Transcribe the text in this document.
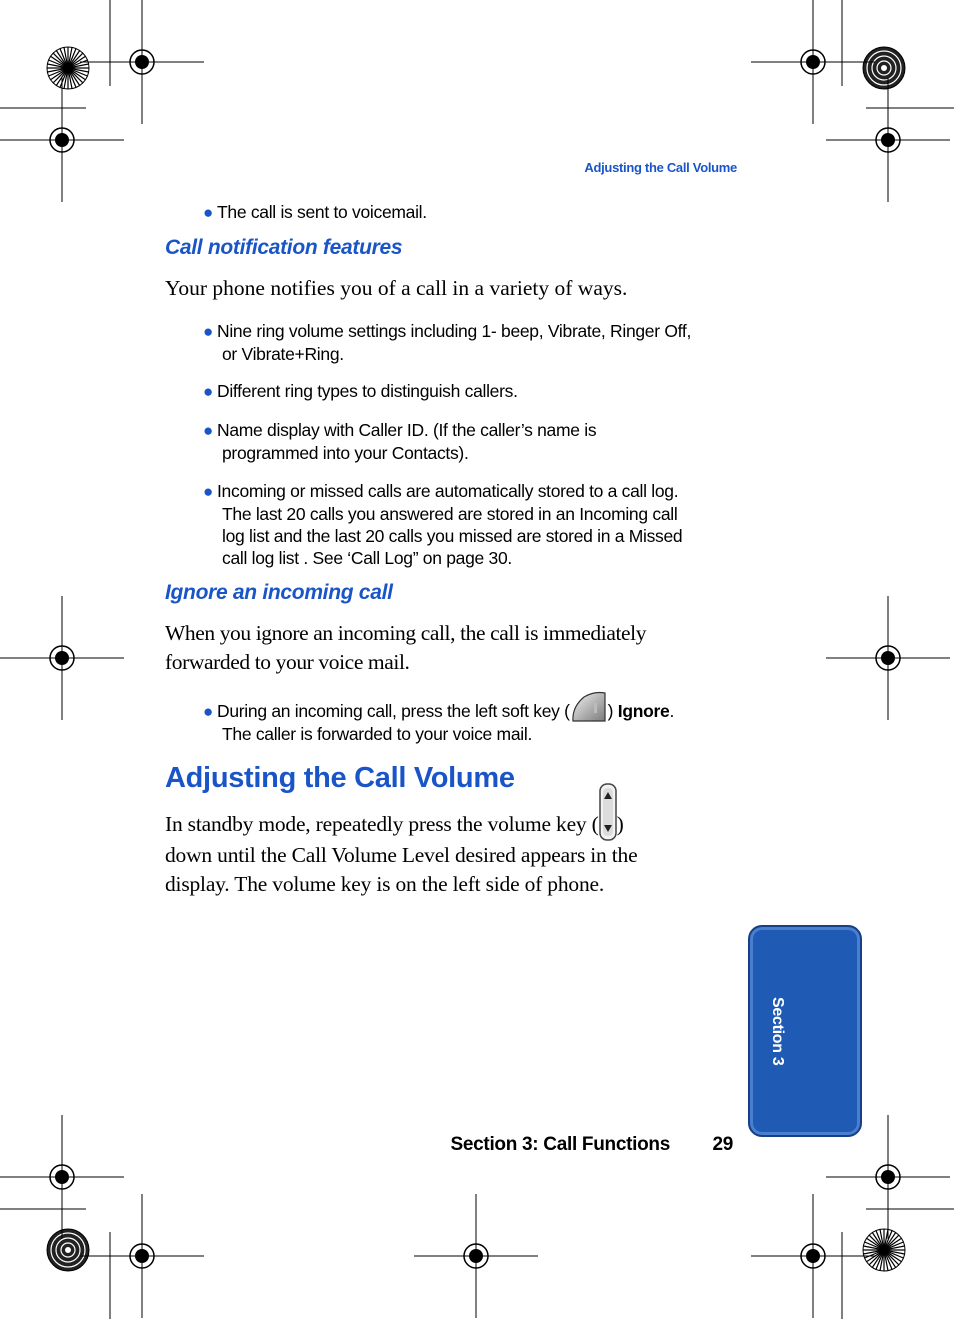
Adjusting the Call Volume
● The call is sent to voicemail.
Call notification features
Your phone notifies you of a call in a variety of ways.
● Nine ring volume settings including 1- beep, Vibrate, Ringer Off,
or Vibrate+Ring.
● Different ring types to distinguish callers.
● Name display with Caller ID. (If the caller’s name is
programmed into your Contacts).
● Incoming or missed calls are automatically stored to a call log.
The last 20 calls you answered are stored in an Incoming call
log list and the last 20 calls you missed are stored in a Missed
call log list . See ‘Call Log” on page 30.
Ignore an incoming call
When you ignore an incoming call, the call is immediately
forwarded to your voice mail.
● During an incoming call, press the left soft key ( ) Ignore.
The caller is forwarded to your voice mail.
Adjusting the Call Volume
In standby mode, repeatedly press the volume key ( )
down until the Call Volume Level desired appears in the
display. The volume key is on the left side of phone.
Section 3
Section 3: Call Functions	29
